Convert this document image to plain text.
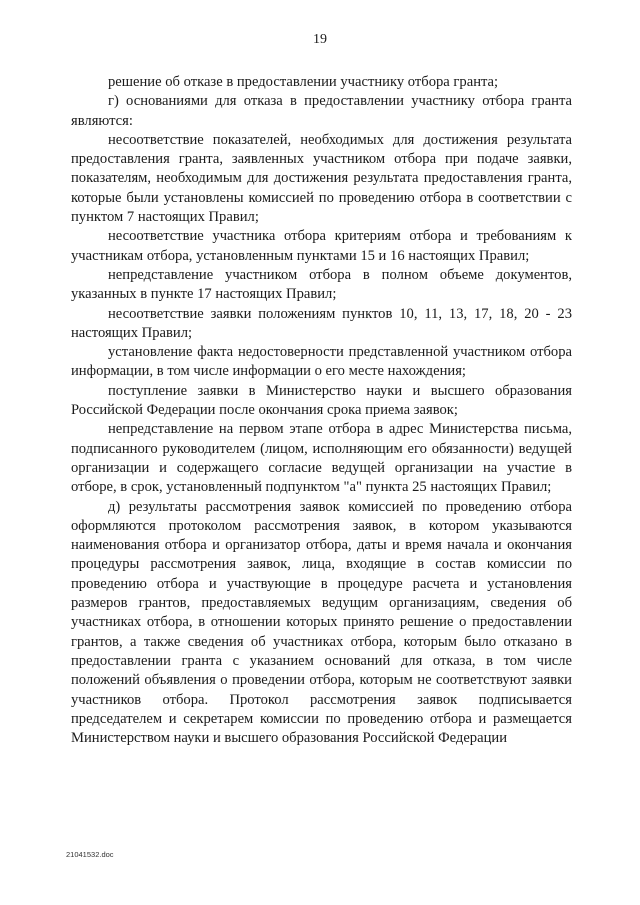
19

решение об отказе в предоставлении участнику отбора гранта;

г) основаниями для отказа в предоставлении участнику отбора гранта являются:

несоответствие показателей, необходимых для достижения результата предоставления гранта, заявленных участником отбора при подаче заявки, показателям, необходимым для достижения результата предоставления гранта, которые были установлены комиссией по проведению отбора в соответствии с пунктом 7 настоящих Правил;

несоответствие участника отбора критериям отбора и требованиям к участникам отбора, установленным пунктами 15 и 16 настоящих Правил;

непредставление участником отбора в полном объеме документов, указанных в пункте 17 настоящих Правил;

несоответствие заявки положениям пунктов 10, 11, 13, 17, 18, 20 - 23 настоящих Правил;

установление факта недостоверности представленной участником отбора информации, в том числе информации о его месте нахождения;

поступление заявки в Министерство науки и высшего образования Российской Федерации после окончания срока приема заявок;

непредставление на первом этапе отбора в адрес Министерства письма, подписанного руководителем (лицом, исполняющим его обязанности) ведущей организации и содержащего согласие ведущей организации на участие в отборе, в срок, установленный подпунктом "а" пункта 25 настоящих Правил;

д) результаты рассмотрения заявок комиссией по проведению отбора оформляются протоколом рассмотрения заявок, в котором указываются наименования отбора и организатор отбора, даты и время начала и окончания процедуры рассмотрения заявок, лица, входящие в состав комиссии по проведению отбора и участвующие в процедуре расчета и установления размеров грантов, предоставляемых ведущим организациям, сведения об участниках отбора, в отношении которых принято решение о предоставлении грантов, а также сведения об участниках отбора, которым было отказано в предоставлении гранта с указанием оснований для отказа, в том числе положений объявления о проведении отбора, которым не соответствуют заявки участников отбора. Протокол рассмотрения заявок подписывается председателем и секретарем комиссии по проведению отбора и размещается Министерством науки и высшего образования Российской Федерации

21041532.doc
